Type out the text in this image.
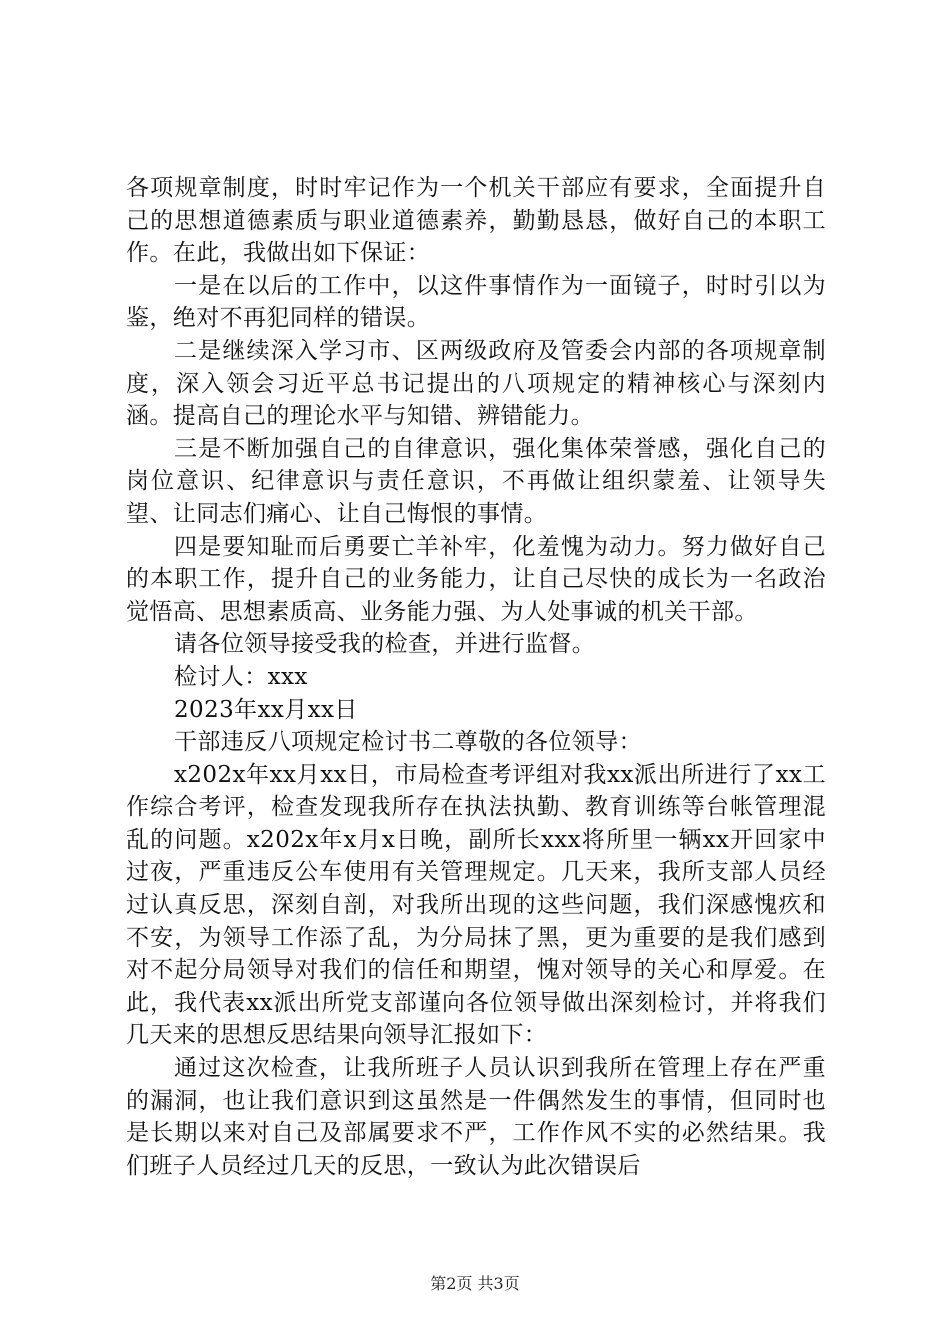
各项规章制度，时时牢记作为一个机关干部应有要求，全面提升自己的思想道德素质与职业道德素养，勤勤恳恳，做好自己的本职工作。在此，我做出如下保证：

一是在以后的工作中，以这件事情作为一面镜子，时时引以为鉴，绝对不再犯同样的错误。

二是继续深入学习市、区两级政府及管委会内部的各项规章制度，深入领会习近平总书记提出的八项规定的精神核心与深刻内涵。提高自己的理论水平与知错、辨错能力。

三是不断加强自己的自律意识，强化集体荣誉感，强化自己的岗位意识、纪律意识与责任意识，不再做让组织蒙羞、让领导失望、让同志们痛心、让自己悔恨的事情。

四是要知耻而后勇要亡羊补牢，化羞愧为动力。努力做好自己的本职工作，提升自己的业务能力，让自己尽快的成长为一名政治觉悟高、思想素质高、业务能力强、为人处事诚的机关干部。

请各位领导接受我的检查，并进行监督。

检讨人：xxx

2023年xx月xx日

干部违反八项规定检讨书二尊敬的各位领导：

x202x年xx月xx日，市局检查考评组对我xx派出所进行了xx工作综合考评，检查发现我所存在执法执勤、教育训练等台帐管理混乱的问题。x202x年x月x日晚，副所长xxx将所里一辆xx开回家中过夜，严重违反公车使用有关管理规定。几天来，我所支部人员经过认真反思，深刻自剖，对我所出现的这些问题，我们深感愧疚和不安，为领导工作添了乱，为分局抹了黑，更为重要的是我们感到对不起分局领导对我们的信任和期望，愧对领导的关心和厚爱。在此，我代表xx派出所党支部谨向各位领导做出深刻检讨，并将我们几天来的思想反思结果向领导汇报如下：

通过这次检查，让我所班子人员认识到我所在管理上存在严重的漏洞，也让我们意识到这虽然是一件偶然发生的事情，但同时也是长期以来对自己及部属要求不严，工作作风不实的必然结果。我们班子人员经过几天的反思，一致认为此次错误后

第2页 共3页
